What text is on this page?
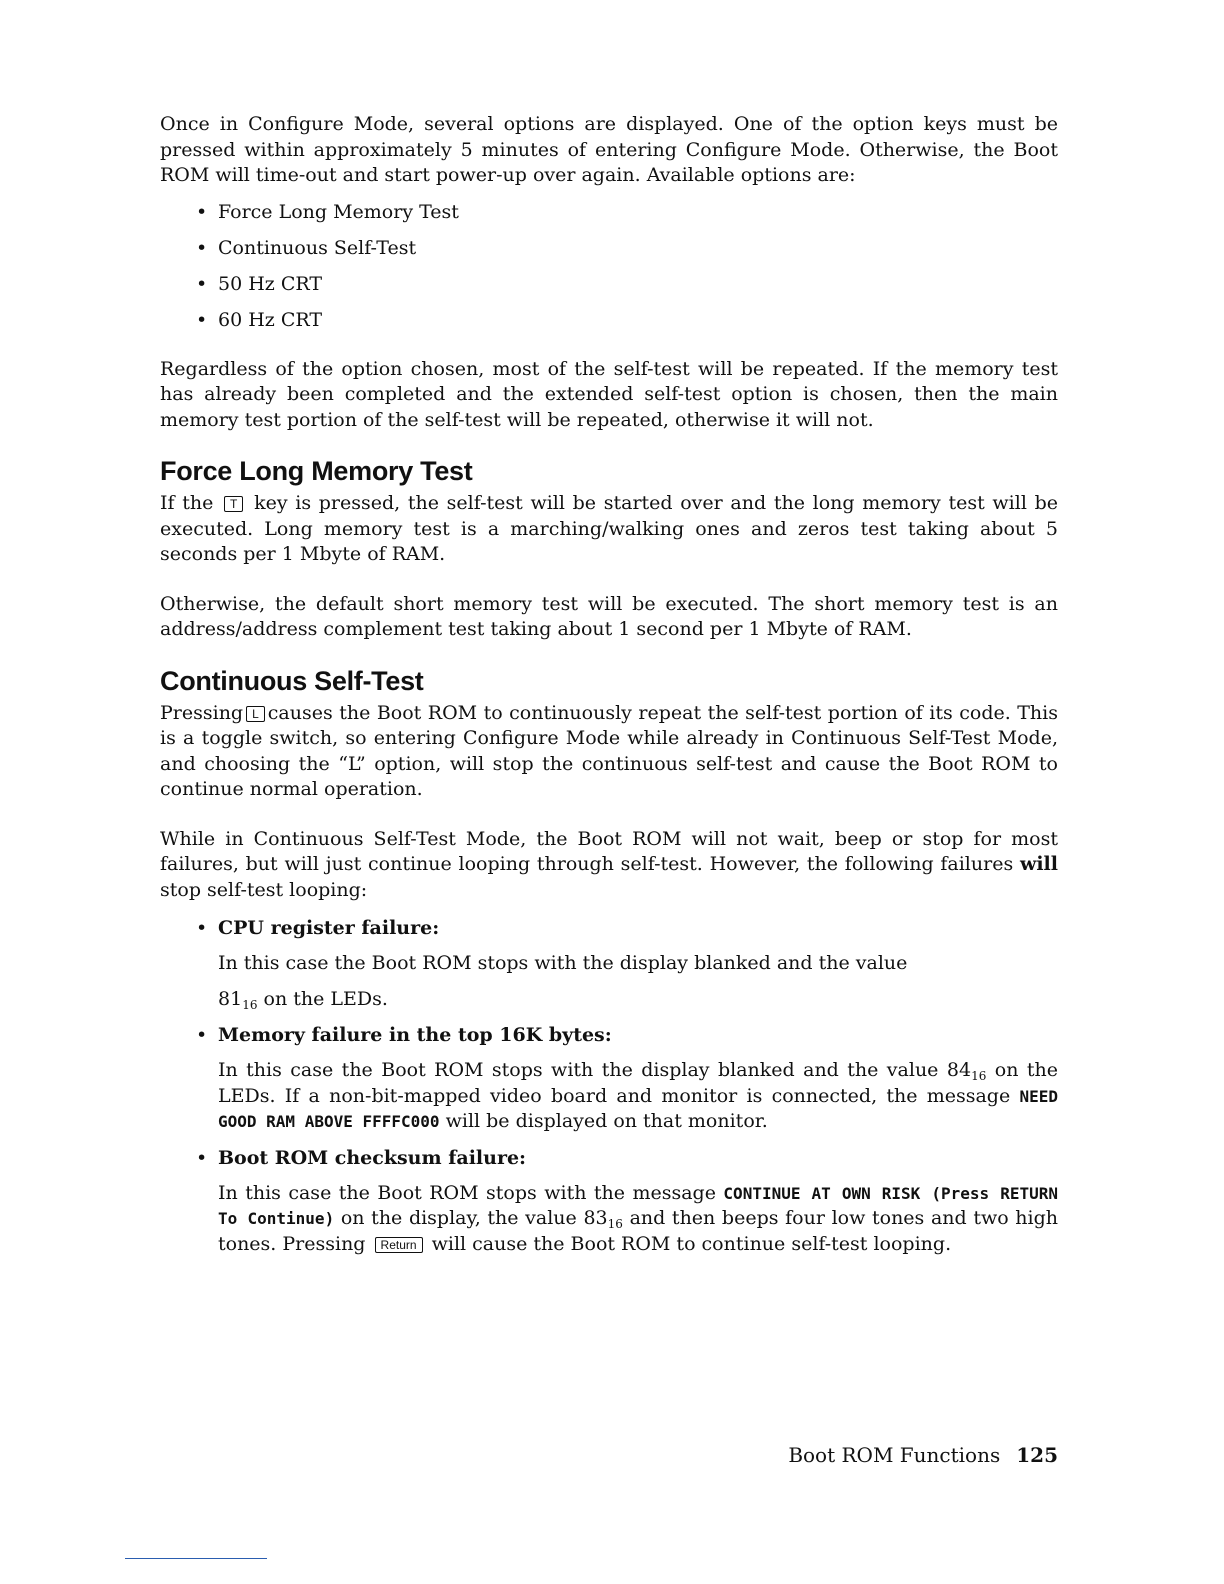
Once in Configure Mode, several options are displayed. One of the option keys must be pressed within approximately 5 minutes of entering Configure Mode. Otherwise, the Boot ROM will time-out and start power-up over again. Available options are:

• Force Long Memory Test
• Continuous Self-Test
• 50 Hz CRT
• 60 Hz CRT

Regardless of the option chosen, most of the self-test will be repeated. If the memory test has already been completed and the extended self-test option is chosen, then the main memory test portion of the self-test will be repeated, otherwise it will not.

Force Long Memory Test

If the T key is pressed, the self-test will be started over and the long memory test will be executed. Long memory test is a marching/walking ones and zeros test taking about 5 seconds per 1 Mbyte of RAM.

Otherwise, the default short memory test will be executed. The short memory test is an address/address complement test taking about 1 second per 1 Mbyte of RAM.

Continuous Self-Test

Pressing L causes the Boot ROM to continuously repeat the self-test portion of its code. This is a toggle switch, so entering Configure Mode while already in Continuous Self-Test Mode, and choosing the “L” option, will stop the continuous self-test and cause the Boot ROM to continue normal operation.

While in Continuous Self-Test Mode, the Boot ROM will not wait, beep or stop for most failures, but will just continue looping through self-test. However, the following failures will stop self-test looping:

• CPU register failure:
In this case the Boot ROM stops with the display blanked and the value
$81_{16}$ on the LEDs.
• Memory failure in the top 16K bytes:
In this case the Boot ROM stops with the display blanked and the value $84_{16}$ on the LEDs. If a non-bit-mapped video board and monitor is connected, the message NEED GOOD RAM ABOVE FFFFC000 will be displayed on that monitor.
• Boot ROM checksum failure:
In this case the Boot ROM stops with the message CONTINUE AT OWN RISK (Press RETURN To Continue) on the display, the value $83_{16}$ and then beeps four low tones and two high tones. Pressing Return will cause the Boot ROM to continue self-test looping.
Boot ROM Functions 125
